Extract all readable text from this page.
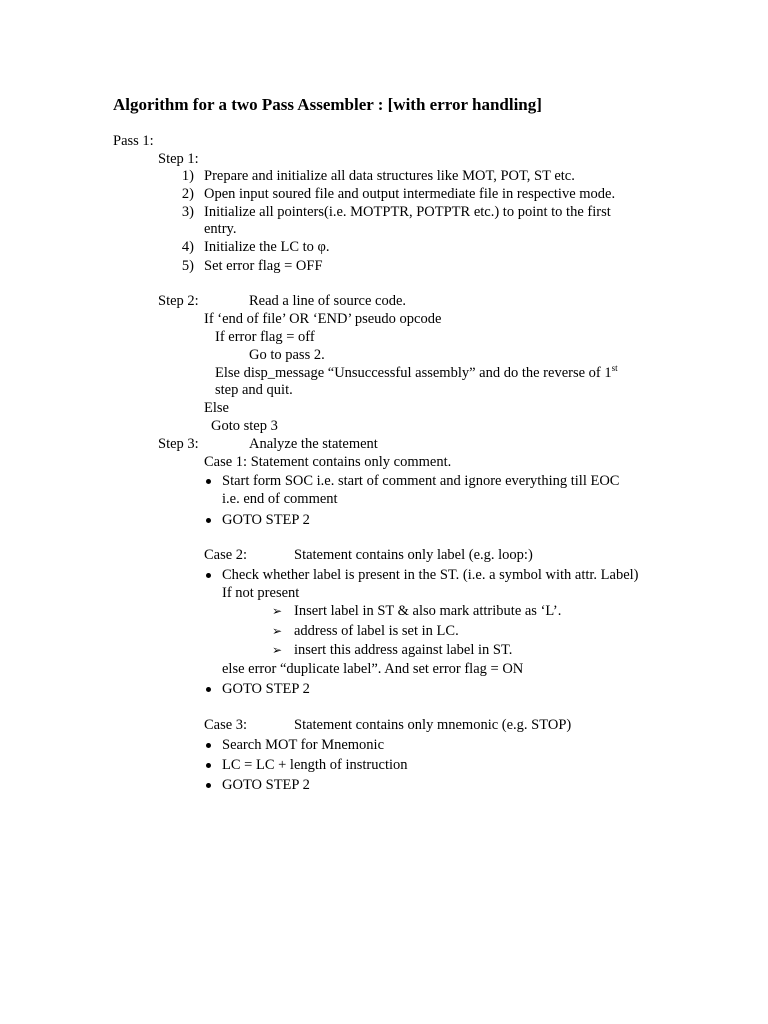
Algorithm for a two Pass Assembler : [with error handling]
Pass 1:
Step 1:
1) Prepare and initialize all data structures like MOT, POT, ST etc.
2) Open input soured file and output intermediate file in respective mode.
3) Initialize all pointers(i.e. MOTPTR, POTPTR etc.) to point to the first
entry.
4) Initialize the LC to φ.
5) Set error flag = OFF
Step 2:	Read a line of source code.
If ‘end of file’ OR ‘END’ pseudo opcode
If error flag = off
Go to pass 2.
Else disp_message “Unsuccessful assembly” and do the reverse of 1st
step and quit.
Else
Goto step 3
Step 3:	Analyze the statement
Case 1: Statement contains only comment.
Start form SOC i.e. start of comment and ignore everything till EOC
i.e. end of comment
GOTO STEP 2
Case 2:	Statement contains only label (e.g. loop:)
Check whether label is present in the ST. (i.e. a symbol with attr. Label)
If not present
➢ Insert label in ST & also mark attribute as ‘L’.
➢ address of label is set in LC.
➢ insert this address against label in ST.
else error “duplicate label”. And set error flag = ON
GOTO STEP 2
Case 3:	Statement contains only mnemonic (e.g. STOP)
Search MOT for Mnemonic
LC = LC + length of instruction
GOTO STEP 2
